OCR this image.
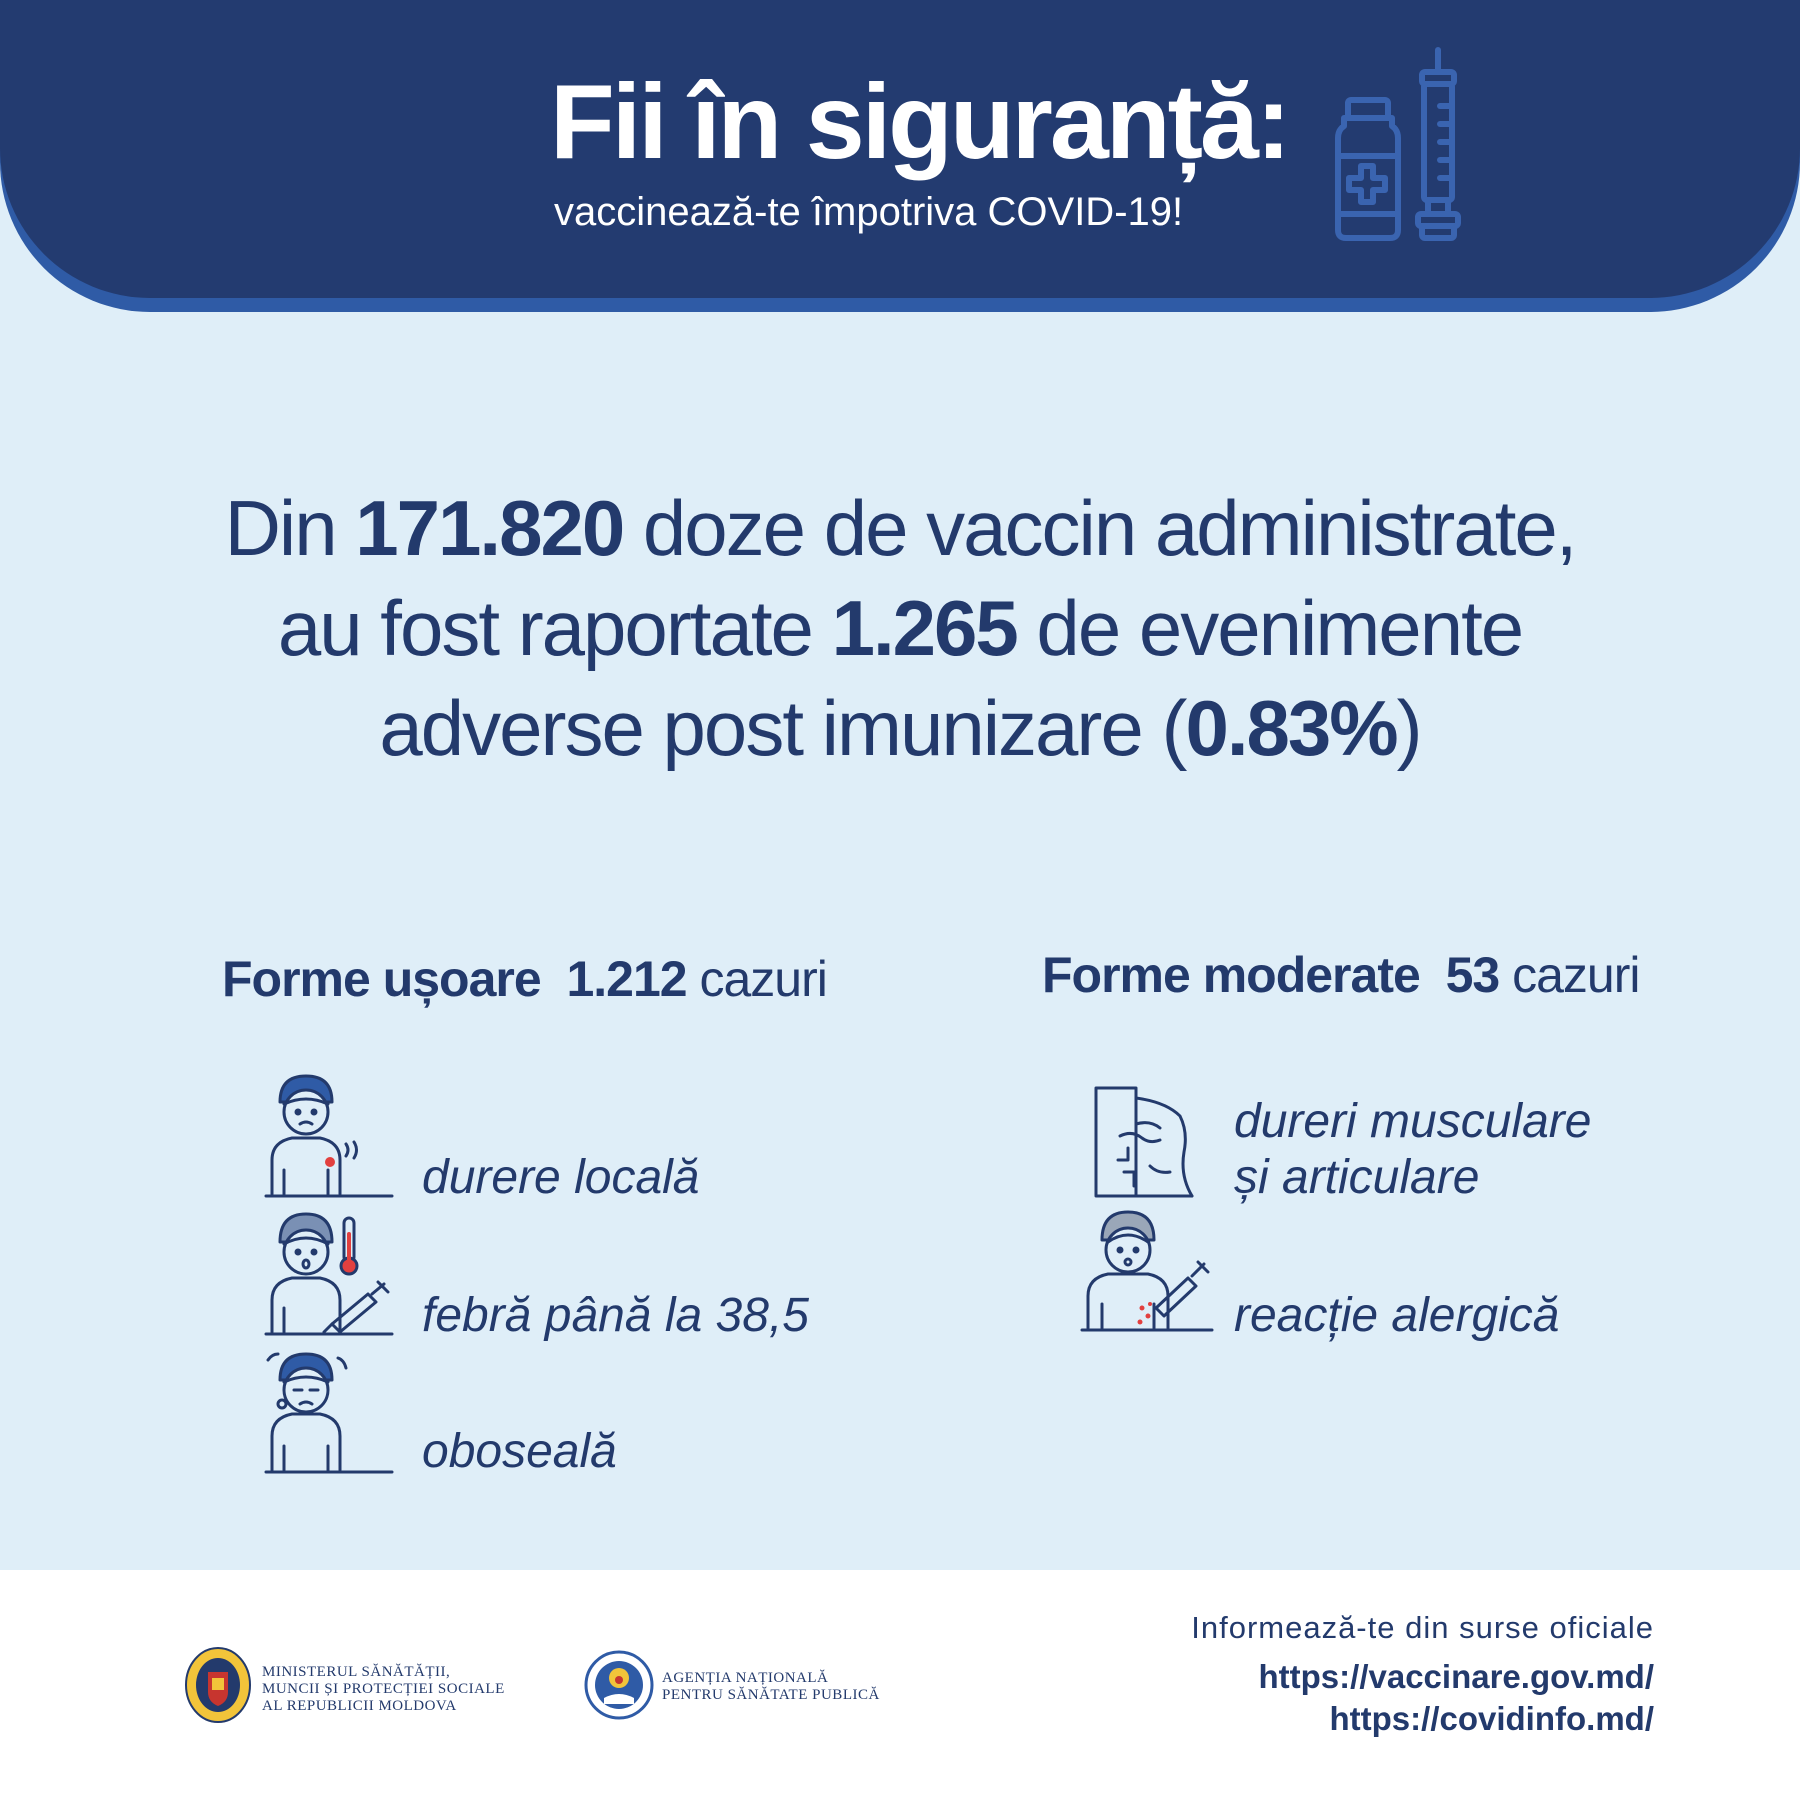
Fii în siguranță:
vaccinează-te împotriva COVID-19!
Din 171.820 doze de vaccin administrate,
au fost raportate 1.265 de evenimente
adverse post imunizare (0.83%)
Forme ușoare 1.212 cazuri
durere locală
febră până la 38,5
oboseală
Forme moderate 53 cazuri
dureri musculare
și articulare
reacție alergică
MINISTERUL SĂNĂTĂȚII,
MUNCII ȘI PROTECȚIEI SOCIALE
AL REPUBLICII MOLDOVA
AGENȚIA NAȚIONALĂ
PENTRU SĂNĂTATE PUBLICĂ
Informează-te din surse oficiale
https://vaccinare.gov.md/
https://covidinfo.md/
